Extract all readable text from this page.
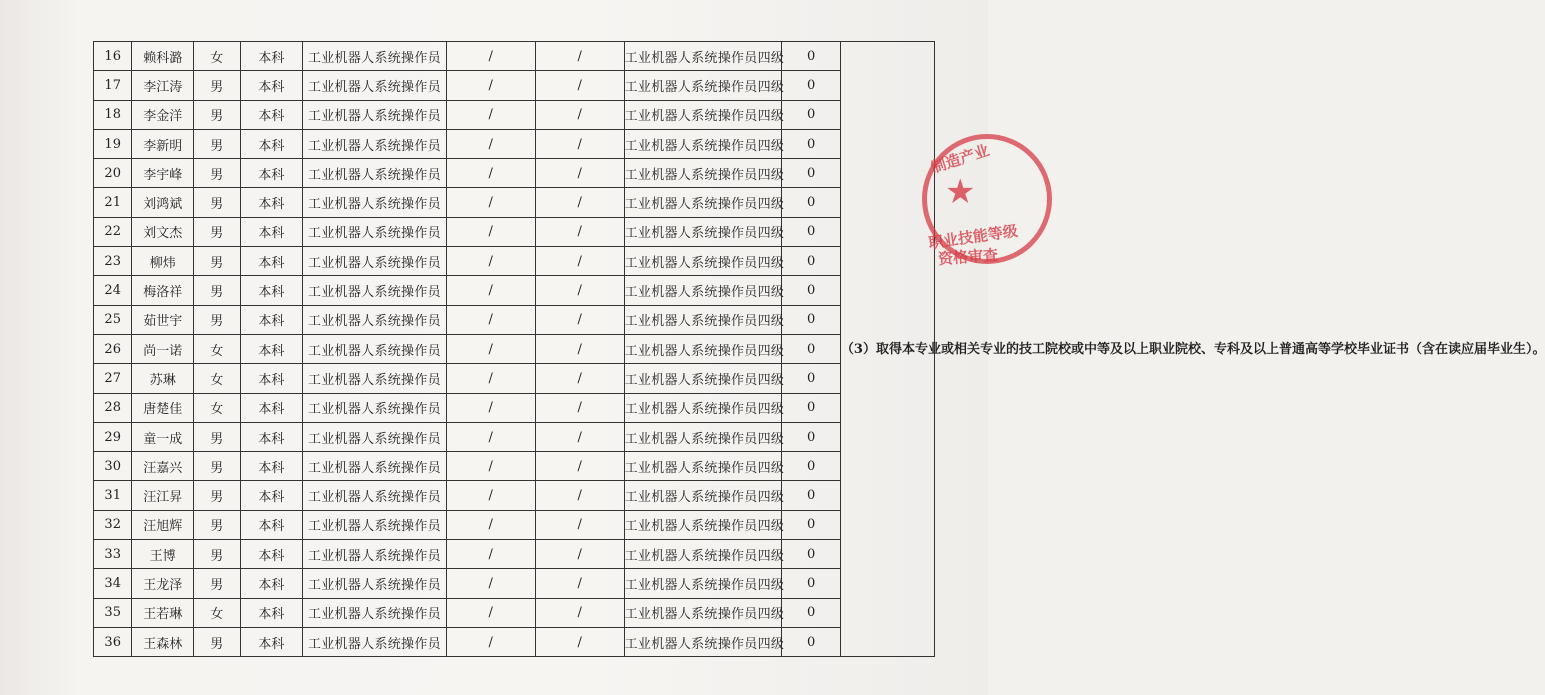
16	赖科潞	女	本科	工业机器人系统操作员	/	/	工业机器人系统操作员四级	0	（3）取得本专业或相关专业的技工院校或中等及以上职业院校、专科及以上普通高等学校毕业证书（含在读应届毕业生）。
17	李江涛	男	本科	工业机器人系统操作员	/	/	工业机器人系统操作员四级	0	
18	李金洋	男	本科	工业机器人系统操作员	/	/	工业机器人系统操作员四级	0	
19	李新明	男	本科	工业机器人系统操作员	/	/	工业机器人系统操作员四级	0	
20	李宇峰	男	本科	工业机器人系统操作员	/	/	工业机器人系统操作员四级	0	
21	刘鸿斌	男	本科	工业机器人系统操作员	/	/	工业机器人系统操作员四级	0	
22	刘文杰	男	本科	工业机器人系统操作员	/	/	工业机器人系统操作员四级	0	
23	柳炜	男	本科	工业机器人系统操作员	/	/	工业机器人系统操作员四级	0	
24	梅洛祥	男	本科	工业机器人系统操作员	/	/	工业机器人系统操作员四级	0	
25	茹世宇	男	本科	工业机器人系统操作员	/	/	工业机器人系统操作员四级	0	
26	尚一诺	女	本科	工业机器人系统操作员	/	/	工业机器人系统操作员四级	0	
27	苏琳	女	本科	工业机器人系统操作员	/	/	工业机器人系统操作员四级	0	
28	唐楚佳	女	本科	工业机器人系统操作员	/	/	工业机器人系统操作员四级	0	
29	童一成	男	本科	工业机器人系统操作员	/	/	工业机器人系统操作员四级	0	
30	汪嘉兴	男	本科	工业机器人系统操作员	/	/	工业机器人系统操作员四级	0	
31	汪江昇	男	本科	工业机器人系统操作员	/	/	工业机器人系统操作员四级	0	
32	汪旭辉	男	本科	工业机器人系统操作员	/	/	工业机器人系统操作员四级	0	
33	王博	男	本科	工业机器人系统操作员	/	/	工业机器人系统操作员四级	0	
34	王龙泽	男	本科	工业机器人系统操作员	/	/	工业机器人系统操作员四级	0	
35	王若琳	女	本科	工业机器人系统操作员	/	/	工业机器人系统操作员四级	0	
36	王森林	男	本科	工业机器人系统操作员	/	/	工业机器人系统操作员四级	0	
★
制造产业
职业技能等级
资格审查
